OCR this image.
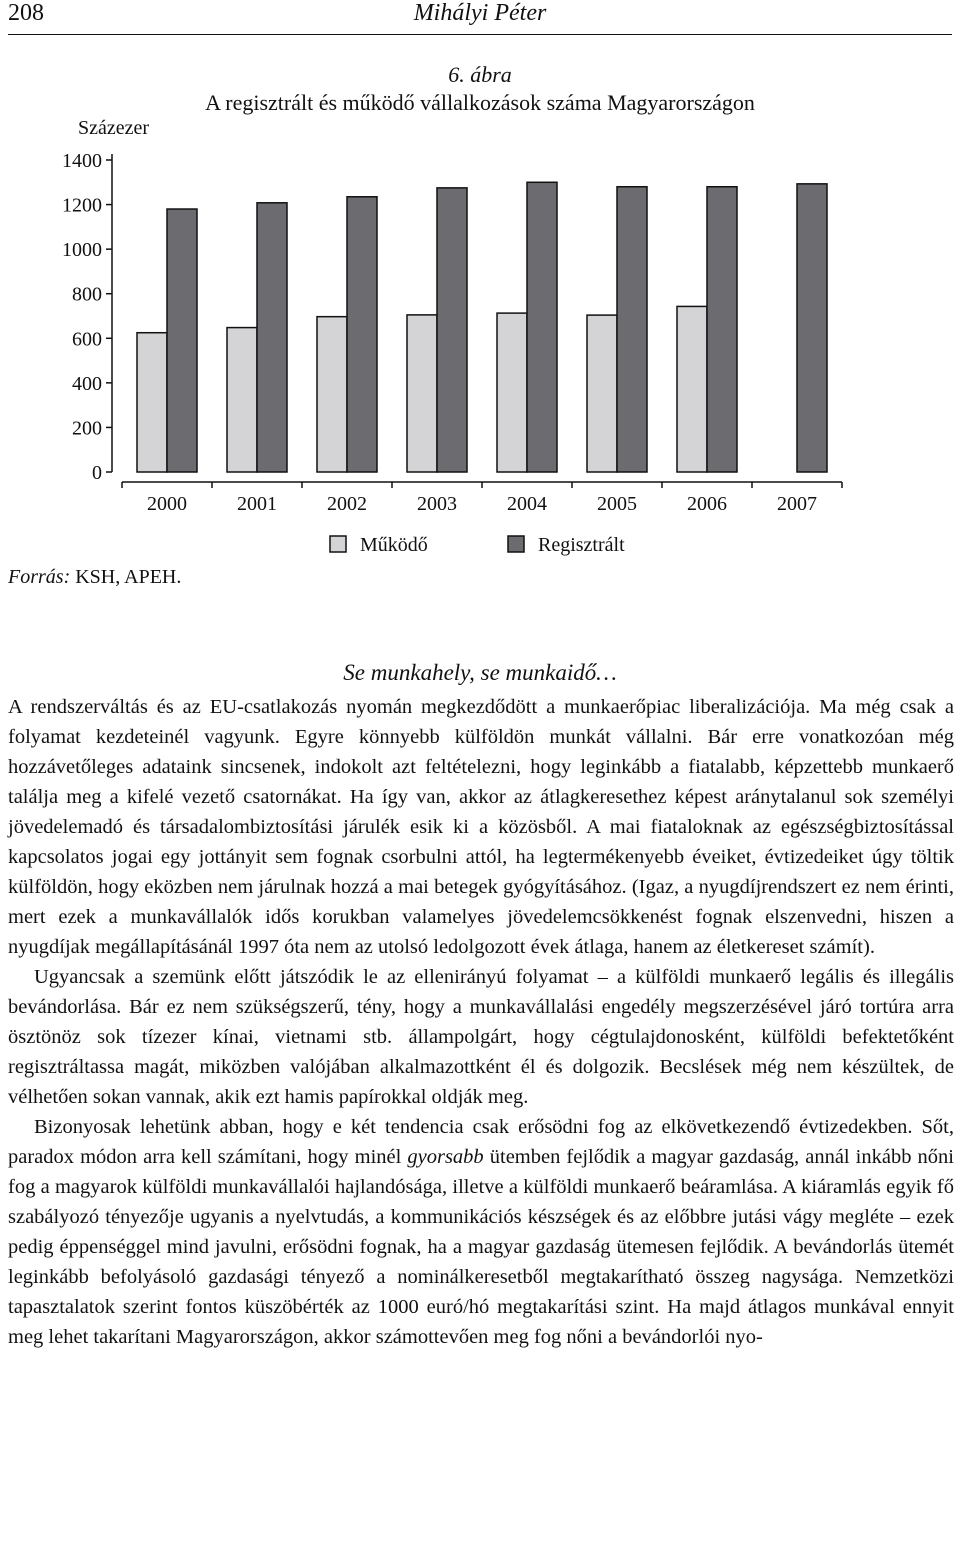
208	Mihályi Péter
6. ábra
A regisztrált és működő vállalkozások száma Magyarországon
Százezer
0
200
400
600
800
1000
1200
1400
2000	2001	2002	2003	2004	2005	2006	2007
Működő	Regisztrált
Forrás: KSH, APEH.
Se munkahely, se munkaidő…

A rendszerváltás és az EU-csatlakozás nyomán megkezdődött a munkaerőpiac liberalizációja. Ma még csak a folyamat kezdeteinél vagyunk. Egyre könnyebb külföldön munkát vállalni. Bár erre vonatkozóan még hozzávetőleges adataink sincsenek, indokolt azt feltételezni, hogy leginkább a fiatalabb, képzettebb munkaerő találja meg a kifelé vezető csatornákat. Ha így van, akkor az átlagkeresethez képest aránytalanul sok személyi jövedelemadó és társadalombiztosítási járulék esik ki a közösből. A mai fiataloknak az egészségbiztosítással kapcsolatos jogai egy jottányit sem fognak csorbulni attól, ha legtermékenyebb éveiket, évtizedeiket úgy töltik külföldön, hogy eközben nem járulnak hozzá a mai betegek gyógyításához. (Igaz, a nyugdíjrendszert ez nem érinti, mert ezek a munkavállalók idős korukban valamelyes jövedelemcsökkenést fognak elszenvedni, hiszen a nyugdíjak megállapításánál 1997 óta nem az utolsó ledolgozott évek átlaga, hanem az életkereset számít).

Ugyancsak a szemünk előtt játszódik le az ellenirányú folyamat – a külföldi munkaerő legális és illegális bevándorlása. Bár ez nem szükségszerű, tény, hogy a munkavállalási engedély megszerzésével járó tortúra arra ösztönöz sok tízezer kínai, vietnami stb. állampolgárt, hogy cégtulajdonosként, külföldi befektetőként regisztráltassa magát, miközben valójában alkalmazottként él és dolgozik. Becslések még nem készültek, de vélhetően sokan vannak, akik ezt hamis papírokkal oldják meg.

Bizonyosak lehetünk abban, hogy e két tendencia csak erősödni fog az elkövetkezendő évtizedekben. Sőt, paradox módon arra kell számítani, hogy minél gyorsabb ütemben fejlődik a magyar gazdaság, annál inkább nőni fog a magyarok külföldi munkavállalói hajlandósága, illetve a külföldi munkaerő beáramlása. A kiáramlás egyik fő szabályozó tényezője ugyanis a nyelvtudás, a kommunikációs készségek és az előbbre jutási vágy megléte – ezek pedig éppenséggel mind javulni, erősödni fognak, ha a magyar gazdaság ütemesen fejlődik. A bevándorlás ütemét leginkább befolyásoló gazdasági tényező a nominálkeresetből megtakarítható összeg nagysága. Nemzetközi tapasztalatok szerint fontos küszöbérték az 1000 euró/hó megtakarítási szint. Ha majd átlagos munkával ennyit meg lehet takarítani Magyarországon, akkor számottevően meg fog nőni a bevándorlói nyo-
